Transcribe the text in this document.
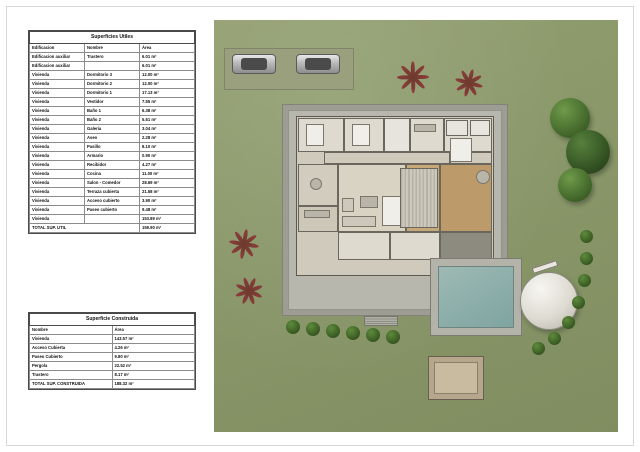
Superficies Utiles		
Edificacion	Nombre	Área
Edificacion auxiliar	Trastero	6.01 m²
Edificacion auxiliar		6.01 m²
Vivienda	Dormitorio 3	12.00 m²
Vivienda	Dormitorio 2	12.00 m²
Vivienda	Dormitorio 1	17.13 m²
Vivienda	Vestidor	7.55 m²
Vivienda	Baño 1	6.38 m²
Vivienda	Baño 2	5.51 m²
Vivienda	Galeria	3.04 m²
Vivienda	Aseo	2.28 m²
Vivienda	Pasillo	8.10 m²
Vivienda	Armario	0.90 m²
Vivienda	Recibidor	4.27 m²
Vivienda	Cocina	11.00 m²
Vivienda	Salon - Comedor	28.69 m²
Vivienda	Terraza cubierta	21.58 m²
Vivienda	Acceso cubierto	3.90 m²
Vivienda	Paseo cubierto	9.48 m²
Vivienda		153.89 m²
TOTAL SUP. UTIL		159.90 m²
Superficie Construida	
Nombre	Área
Vivienda	143.57 m²
Acceso Cubierta	4.26 m²
Paseo Cubierto	9.80 m²
Pergola	22.52 m²
Trastero	8.17 m²
TOTAL SUP. CONSTRUIDA	188.32 m²
